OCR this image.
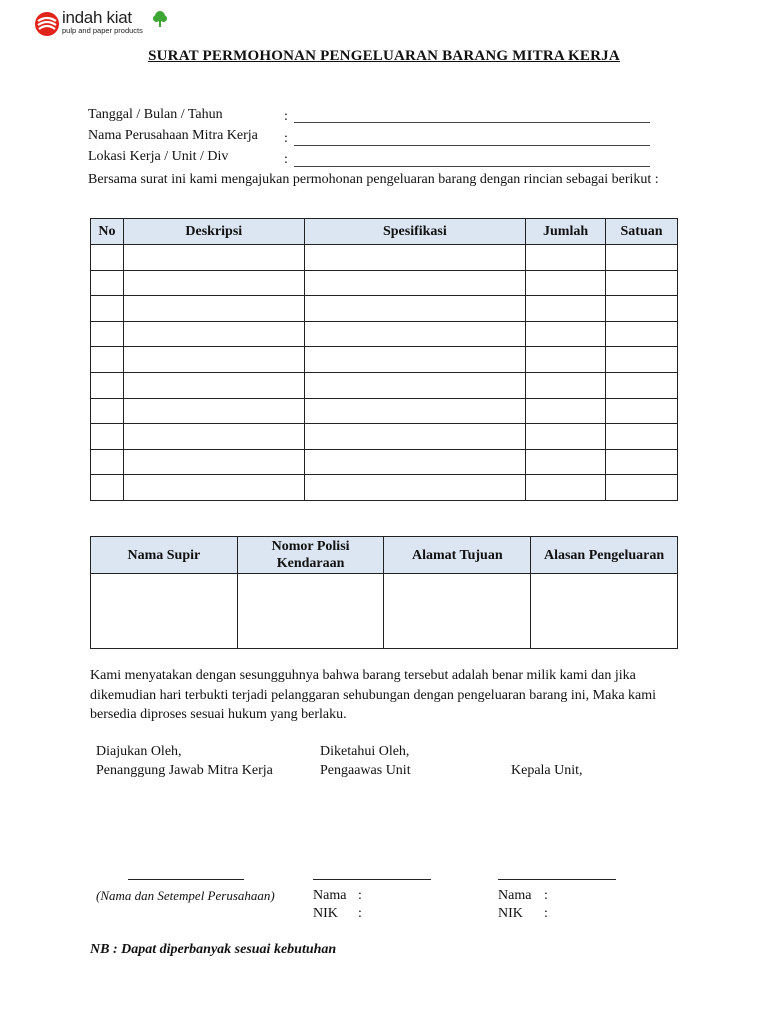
indah kiat
pulp and paper products
SURAT PERMOHONAN PENGELUARAN BARANG MITRA KERJA
Tanggal / Bulan / Tahun	:
Nama Perusahaan Mitra Kerja :
Lokasi Kerja / Unit / Div	:
Bersama surat ini kami mengajukan permohonan pengeluaran barang dengan rincian sebagai berikut :
No	Deskripsi	Spesifikasi	Jumlah	Satuan

Nama Supir	Nomor Polisi Kendaraan	Alamat Tujuan	Alasan Pengeluaran

Kami menyatakan dengan sesungguhnya bahwa barang tersebut adalah benar milik kami dan jika dikemudian hari terbukti terjadi pelanggaran sehubungan dengan pengeluaran barang ini, Maka kami bersedia diproses sesuai hukum yang berlaku.
Diajukan Oleh,
Penanggung Jawab Mitra Kerja
Diketahui Oleh,
Pengaawas Unit	Kepala Unit,
(Nama dan Setempel Perusahaan)	Nama :
NIK :
Nama :
NIK :
NB : Dapat diperbanyak sesuai kebutuhan
